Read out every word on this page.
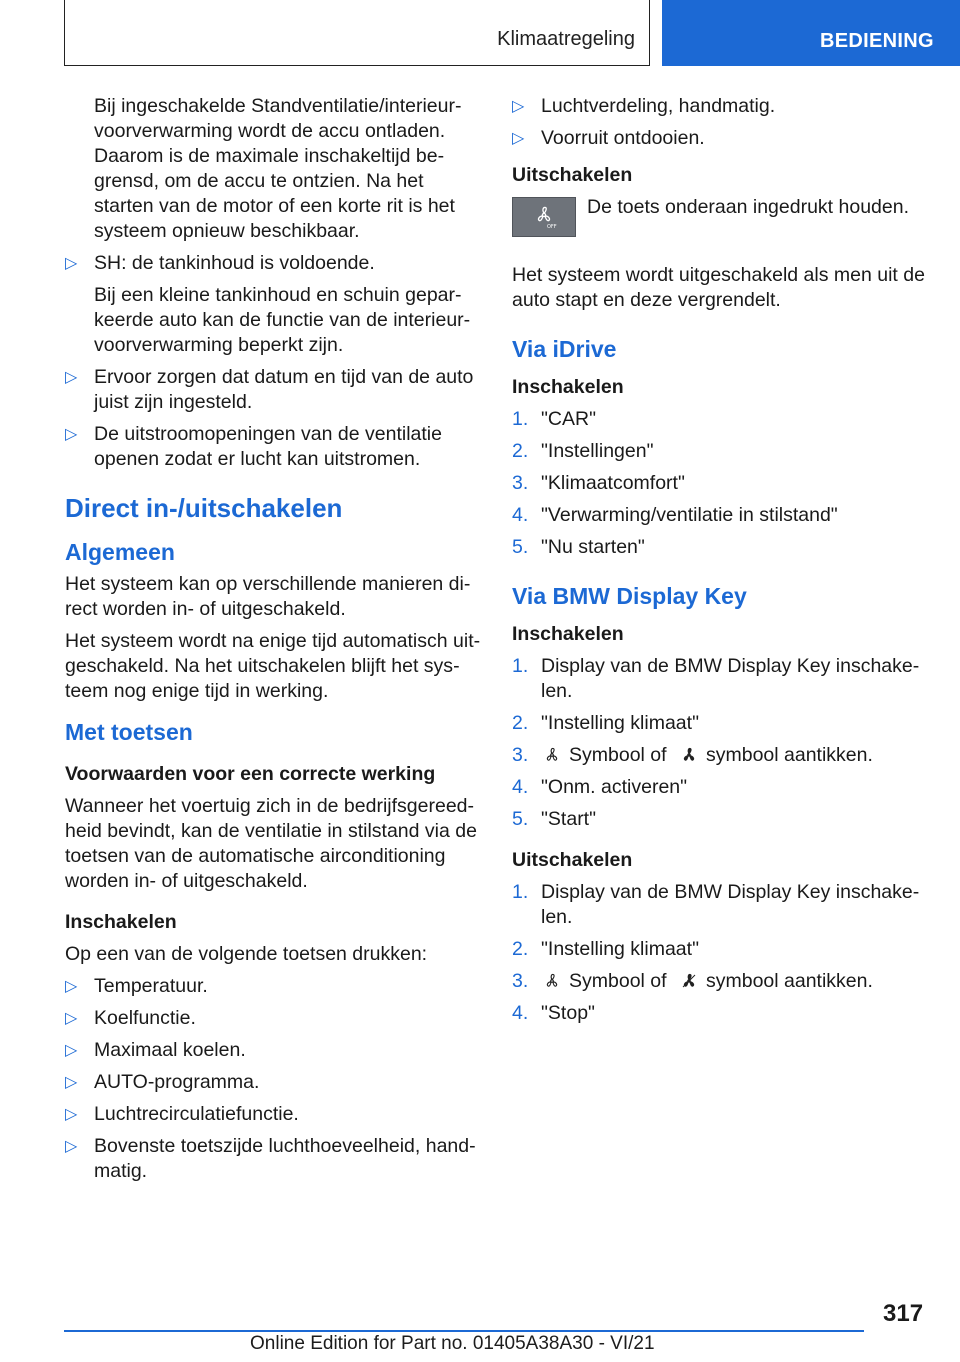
Klimaatregeling	BEDIENING
Bij ingeschakelde Standventilatie/interieurvoorverwarming wordt de accu ontladen. Daarom is de maximale inschakeltijd begrensd, om de accu te ontzien. Na het starten van de motor of een korte rit is het systeem opnieuw beschikbaar.
▷ SH: de tankinhoud is voldoende.
Bij een kleine tankinhoud en schuin geparkeerde auto kan de functie van de interieurvoorverwarming beperkt zijn.
▷ Ervoor zorgen dat datum en tijd van de auto juist zijn ingesteld.
▷ De uitstroomopeningen van de ventilatie openen zodat er lucht kan uitstromen.
Direct in-/uitschakelen
Algemeen
Het systeem kan op verschillende manieren direct worden in- of uitgeschakeld.
Het systeem wordt na enige tijd automatisch uitgeschakeld. Na het uitschakelen blijft het systeem nog enige tijd in werking.
Met toetsen
Voorwaarden voor een correcte werking
Wanneer het voertuig zich in de bedrijfsgereedheid bevindt, kan de ventilatie in stilstand via de toetsen van de automatische airconditioning worden in- of uitgeschakeld.
Inschakelen
Op een van de volgende toetsen drukken:
▷ Temperatuur.
▷ Koelfunctie.
▷ Maximaal koelen.
▷ AUTO-programma.
▷ Luchtrecirculatiefunctie.
▷ Bovenste toetszijde luchthoeveelheid, handmatig.
▷ Luchtverdeling, handmatig.
▷ Voorruit ontdooien.
Uitschakelen
OFF
De toets onderaan ingedrukt houden.
Het systeem wordt uitgeschakeld als men uit de auto stapt en deze vergrendelt.
Via iDrive
Inschakelen
1. "CAR"
2. "Instellingen"
3. "Klimaatcomfort"
4. "Verwarming/ventilatie in stilstand"
5. "Nu starten"
Via BMW Display Key
Inschakelen
1. Display van de BMW Display Key inschakelen.
2. "Instelling klimaat"
3.	Symbool of symbool aantikken.
4. "Onm. activeren"
5. "Start"
Uitschakelen
1. Display van de BMW Display Key inschakelen.
2. "Instelling klimaat"
3.	Symbool of symbool aantikken.
4. "Stop"
317
Online Edition for Part no. 01405A38A30 - VI/21
